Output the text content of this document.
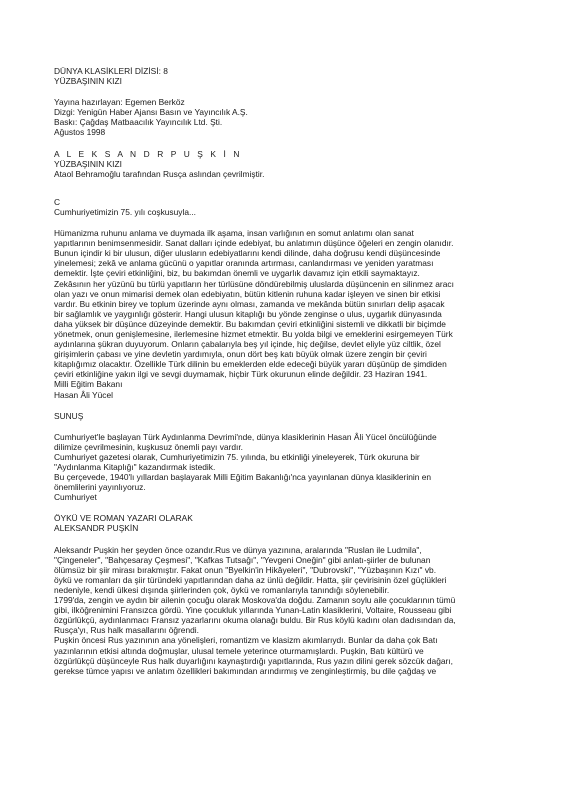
DÜNYA KLASİKLERİ DİZİSİ: 8
YÜZBAŞININ KIZI
Yayına hazırlayan: Egemen Berköz
Dizgi: Yenigün Haber Ajansı Basın ve Yayıncılık A.Ş.
Baskı: Çağdaş Matbaacılık Yayıncılık Ltd. Şti.
Ağustos 1998
A L E K S A N D R P U Ş K İ N
YÜZBAŞININ KIZI
Ataol Behramoğlu tarafından Rusça aslından çevrilmiştir.
C
Cumhuriyetimizin 75. yılı coşkusuyla...
Hümanizma ruhunu anlama ve duymada ilk aşama, insan varlığının en somut anlatımı olan sanat
yapıtlarının benimsenmesidir. Sanat dalları içinde edebiyat, bu anlatımın düşünce öğeleri en zengin olanıdır.
Bunun içindir ki bir ulusun, diğer ulusların edebiyatlarını kendi dilinde, daha doğrusu kendi düşüncesinde
yinelemesi; zekâ ve anlama gücünü o yapıtlar oranında artırması, canlandırması ve yeniden yaratması
demektir. İşte çeviri etkinliğini, biz, bu bakımdan önemli ve uygarlık davamız için etkili saymaktayız.
Zekâsının her yüzünü bu türlü yapıtların her türlüsüne döndürebilmiş uluslarda düşüncenin en silinmez aracı
olan yazı ve onun mimarisi demek olan edebiyatın, bütün kitlenin ruhuna kadar işleyen ve sinen bir etkisi
vardır. Bu etkinin birey ve toplum üzerinde aynı olması, zamanda ve mekânda bütün sınırları delip aşacak
bir sağlamlık ve yaygınlığı gösterir. Hangi ulusun kitaplığı bu yönde zenginse o ulus, uygarlık dünyasında
daha yüksek bir düşünce düzeyinde demektir. Bu bakımdan çeviri etkinliğini sistemli ve dikkatli bir biçimde
yönetmek, onun genişlemesine, ilerlemesine hizmet etmektir. Bu yolda bilgi ve emeklerini esirgemeyen Türk
aydınlarına şükran duyuyorum. Onların çabalarıyla beş yıl içinde, hiç değilse, devlet eliyle yüz ciltlik, özel
girişimlerin çabası ve yine devletin yardımıyla, onun dört beş katı büyük olmak üzere zengin bir çeviri
kitaplığımız olacaktır. Özellikle Türk dilinin bu emeklerden elde edeceği büyük yararı düşünüp de şimdiden
çeviri etkinliğine yakın ilgi ve sevgi duymamak, hiçbir Türk okurunun elinde değildir. 23 Haziran 1941.
Milli Eğitim Bakanı
Hasan Âli Yücel
SUNUŞ
Cumhuriyet'le başlayan Türk Aydınlanma Devrimi'nde, dünya klasiklerinin Hasan Âli Yücel öncülüğünde
dilimize çevrilmesinin, kuşkusuz önemli payı vardır.
Cumhuriyet gazetesi olarak, Cumhuriyetimizin 75. yılında, bu etkinliği yineleyerek, Türk okuruna bir
"Aydınlanma Kitaplığı" kazandırmak istedik.
Bu çerçevede, 1940'lı yıllardan başlayarak Milli Eğitim Bakanlığı'nca yayınlanan dünya klasiklerinin en
önemlilerini yayınlıyoruz.
Cumhuriyet
ÖYKÜ VE ROMAN YAZARI OLARAK
ALEKSANDR PUŞKİN
Aleksandr Puşkin her şeyden önce ozandır.Rus ve dünya yazınına, aralarında "Ruslan ile Ludmila",
"Çingeneler", "Bahçesaray Çeşmesi", "Kafkas Tutsağı", "Yevgeni Oneğin" gibi anlatı-şiirler de bulunan
ölümsüz bir şiir mirası bırakmıştır. Fakat onun "Byelkin'in Hikâyeleri", "Dubrovski", "Yüzbaşının Kızı" vb.
öykü ve romanları da şiir türündeki yapıtlarından daha az ünlü değildir. Hatta, şiir çevirisinin özel güçlükleri
nedeniyle, kendi ülkesi dışında şiirlerinden çok, öykü ve romanlarıyla tanındığı söylenebilir.
1799'da, zengin ve aydın bir ailenin çocuğu olarak Moskova'da doğdu. Zamanın soylu aile çocuklarının tümü
gibi, ilköğrenimini Fransızca gördü. Yine çocukluk yıllarında Yunan-Latin klasiklerini, Voltaire, Rousseau gibi
özgürlükçü, aydınlanmacı Fransız yazarlarını okuma olanağı buldu. Bir Rus köylü kadını olan dadısından da,
Rusça'yı, Rus halk masallarını öğrendi.
Puşkin öncesi Rus yazınının ana yönelişleri, romantizm ve klasizm akımlarıydı. Bunlar da daha çok Batı
yazınlarının etkisi altında doğmuşlar, ulusal temele yeterince oturmamışlardı. Puşkin, Batı kültürü ve
özgürlükçü düşünceyle Rus halk duyarlığını kaynaştırdığı yapıtlarında, Rus yazın dilini gerek sözcük dağarı,
gerekse tümce yapısı ve anlatım özellikleri bakımından arındırmış ve zenginleştirmiş, bu dile çağdaş ve
